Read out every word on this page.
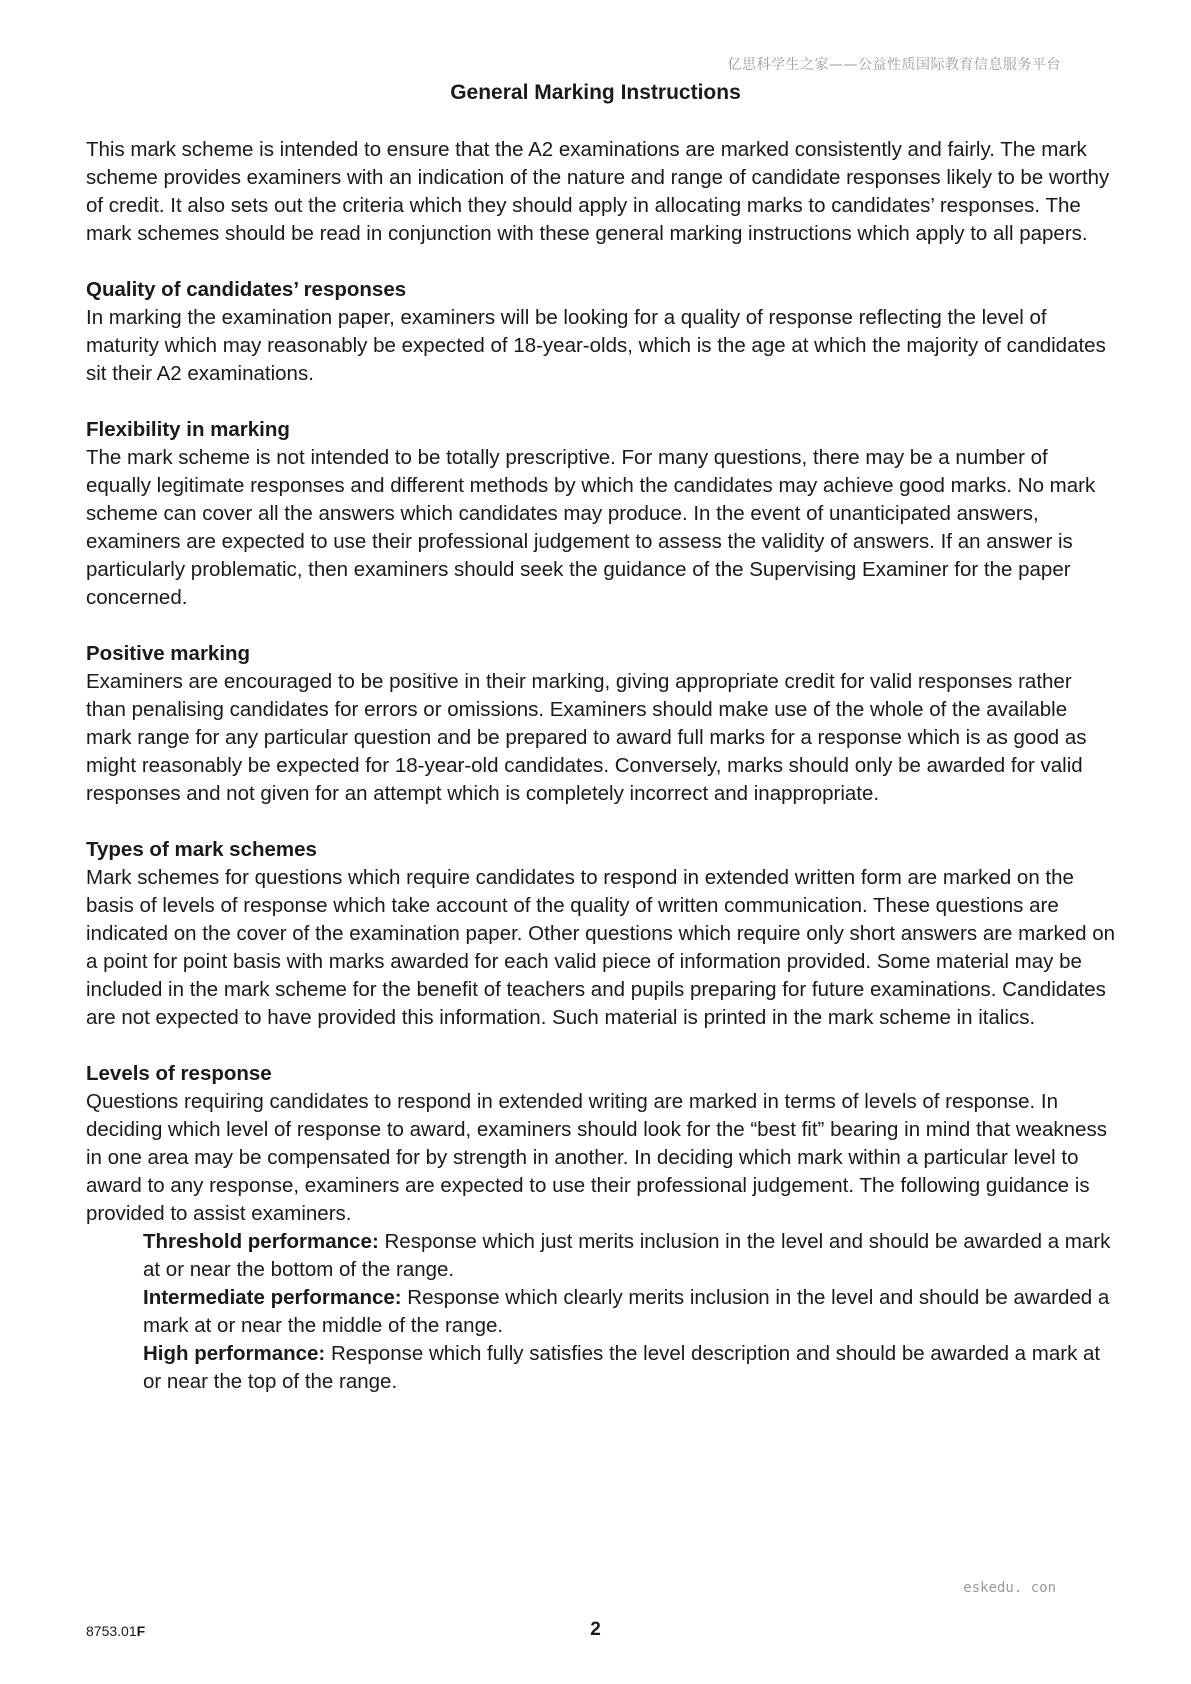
亿思科学生之家——公益性质国际教育信息服务平台
General Marking Instructions

This mark scheme is intended to ensure that the A2 examinations are marked consistently and fairly. The mark scheme provides examiners with an indication of the nature and range of candidate responses likely to be worthy of credit. It also sets out the criteria which they should apply in allocating marks to candidates’ responses. The mark schemes should be read in conjunction with these general marking instructions which apply to all papers.

Quality of candidates’ responses

In marking the examination paper, examiners will be looking for a quality of response reflecting the level of maturity which may reasonably be expected of 18-year-olds, which is the age at which the majority of candidates sit their A2 examinations.

Flexibility in marking

The mark scheme is not intended to be totally prescriptive. For many questions, there may be a number of equally legitimate responses and different methods by which the candidates may achieve good marks. No mark scheme can cover all the answers which candidates may produce. In the event of unanticipated answers, examiners are expected to use their professional judgement to assess the validity of answers. If an answer is particularly problematic, then examiners should seek the guidance of the Supervising Examiner for the paper concerned.

Positive marking

Examiners are encouraged to be positive in their marking, giving appropriate credit for valid responses rather than penalising candidates for errors or omissions. Examiners should make use of the whole of the available mark range for any particular question and be prepared to award full marks for a response which is as good as might reasonably be expected for 18-year-old candidates. Conversely, marks should only be awarded for valid responses and not given for an attempt which is completely incorrect and inappropriate.

Types of mark schemes

Mark schemes for questions which require candidates to respond in extended written form are marked on the basis of levels of response which take account of the quality of written communication. These questions are indicated on the cover of the examination paper. Other questions which require only short answers are marked on a point for point basis with marks awarded for each valid piece of information provided. Some material may be included in the mark scheme for the benefit of teachers and pupils preparing for future examinations. Candidates are not expected to have provided this information. Such material is printed in the mark scheme in italics.

Levels of response

Questions requiring candidates to respond in extended writing are marked in terms of levels of response. In deciding which level of response to award, examiners should look for the “best fit” bearing in mind that weakness in one area may be compensated for by strength in another. In deciding which mark within a particular level to award to any response, examiners are expected to use their professional judgement. The following guidance is provided to assist examiners.

Threshold performance: Response which just merits inclusion in the level and should be awarded a mark at or near the bottom of the range.

Intermediate performance: Response which clearly merits inclusion in the level and should be awarded a mark at or near the middle of the range.

High performance: Response which fully satisfies the level description and should be awarded a mark at or near the top of the range.

eskedu. con
8753.01F	2
